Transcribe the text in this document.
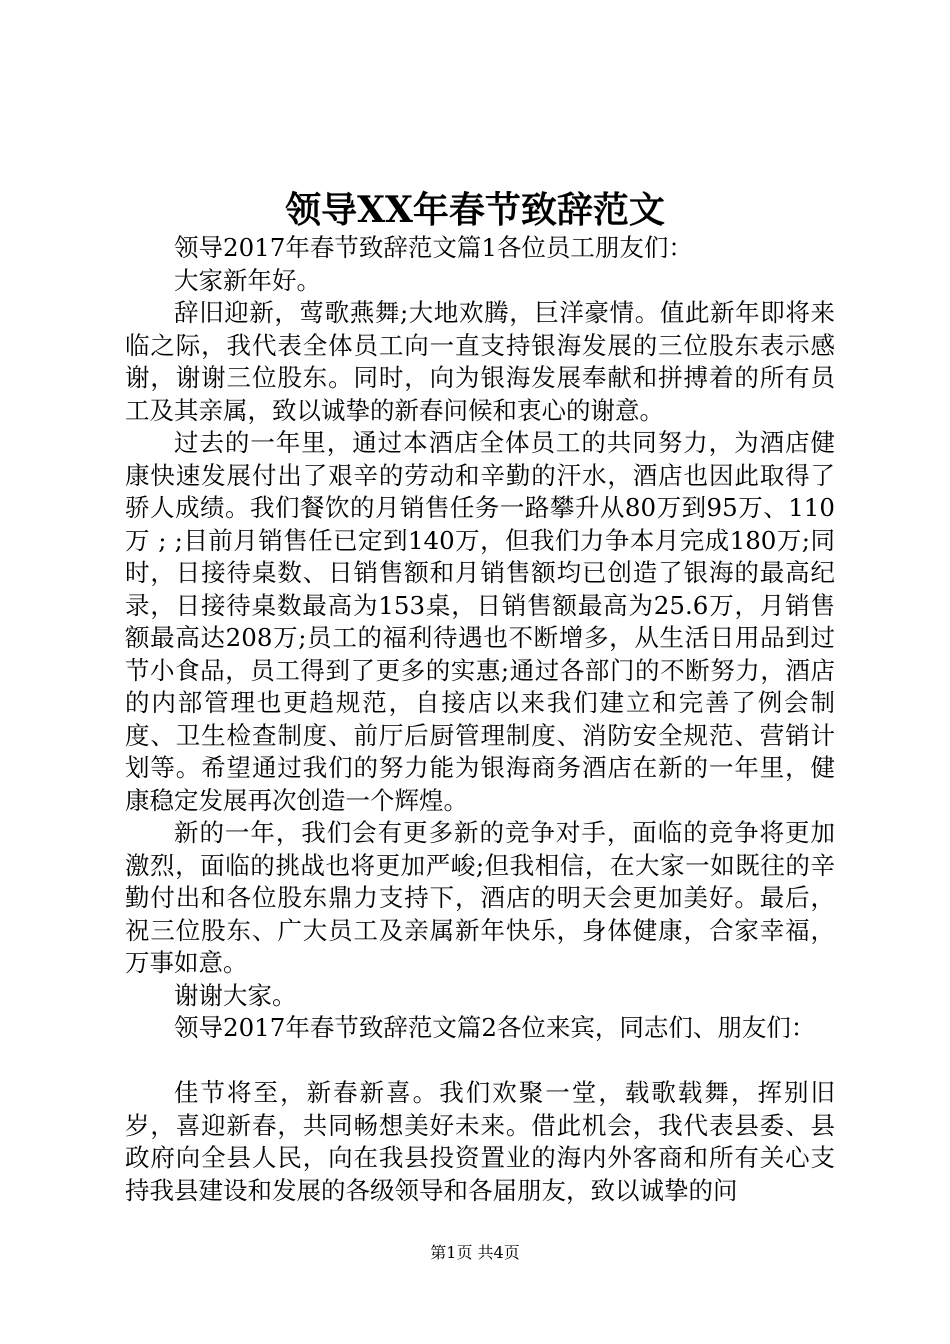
领导XX年春节致辞范文

领导2017年春节致辞范文篇1各位员工朋友们：

大家新年好。

辞旧迎新，莺歌燕舞;大地欢腾，巨洋豪情。值此新年即将来临之际，我代表全体员工向一直支持银海发展的三位股东表示感谢，谢谢三位股东。同时，向为银海发展奉献和拼搏着的所有员工及其亲属，致以诚挚的新春问候和衷心的谢意。

过去的一年里，通过本酒店全体员工的共同努力，为酒店健康快速发展付出了艰辛的劳动和辛勤的汗水，酒店也因此取得了骄人成绩。我们餐饮的月销售任务一路攀升从80万到95万、110万 ; ;目前月销售任已定到140万，但我们力争本月完成180万;同时，日接待桌数、日销售额和月销售额均已创造了银海的最高纪录，日接待桌数最高为153桌，日销售额最高为25.6万，月销售额最高达208万;员工的福利待遇也不断增多，从生活日用品到过节小食品，员工得到了更多的实惠;通过各部门的不断努力，酒店的内部管理也更趋规范，自接店以来我们建立和完善了例会制度、卫生检查制度、前厅后厨管理制度、消防安全规范、营销计划等。希望通过我们的努力能为银海商务酒店在新的一年里，健康稳定发展再次创造一个辉煌。

新的一年，我们会有更多新的竞争对手，面临的竞争将更加激烈，面临的挑战也将更加严峻;但我相信，在大家一如既往的辛勤付出和各位股东鼎力支持下，酒店的明天会更加美好。最后，祝三位股东、广大员工及亲属新年快乐，身体健康，合家幸福，万事如意。

谢谢大家。

领导2017年春节致辞范文篇2各位来宾，同志们、朋友们：

佳节将至，新春新喜。我们欢聚一堂，载歌载舞，挥别旧岁，喜迎新春，共同畅想美好未来。借此机会，我代表县委、县政府向全县人民，向在我县投资置业的海内外客商和所有关心支持我县建设和发展的各级领导和各届朋友，致以诚挚的问

第1页 共4页
